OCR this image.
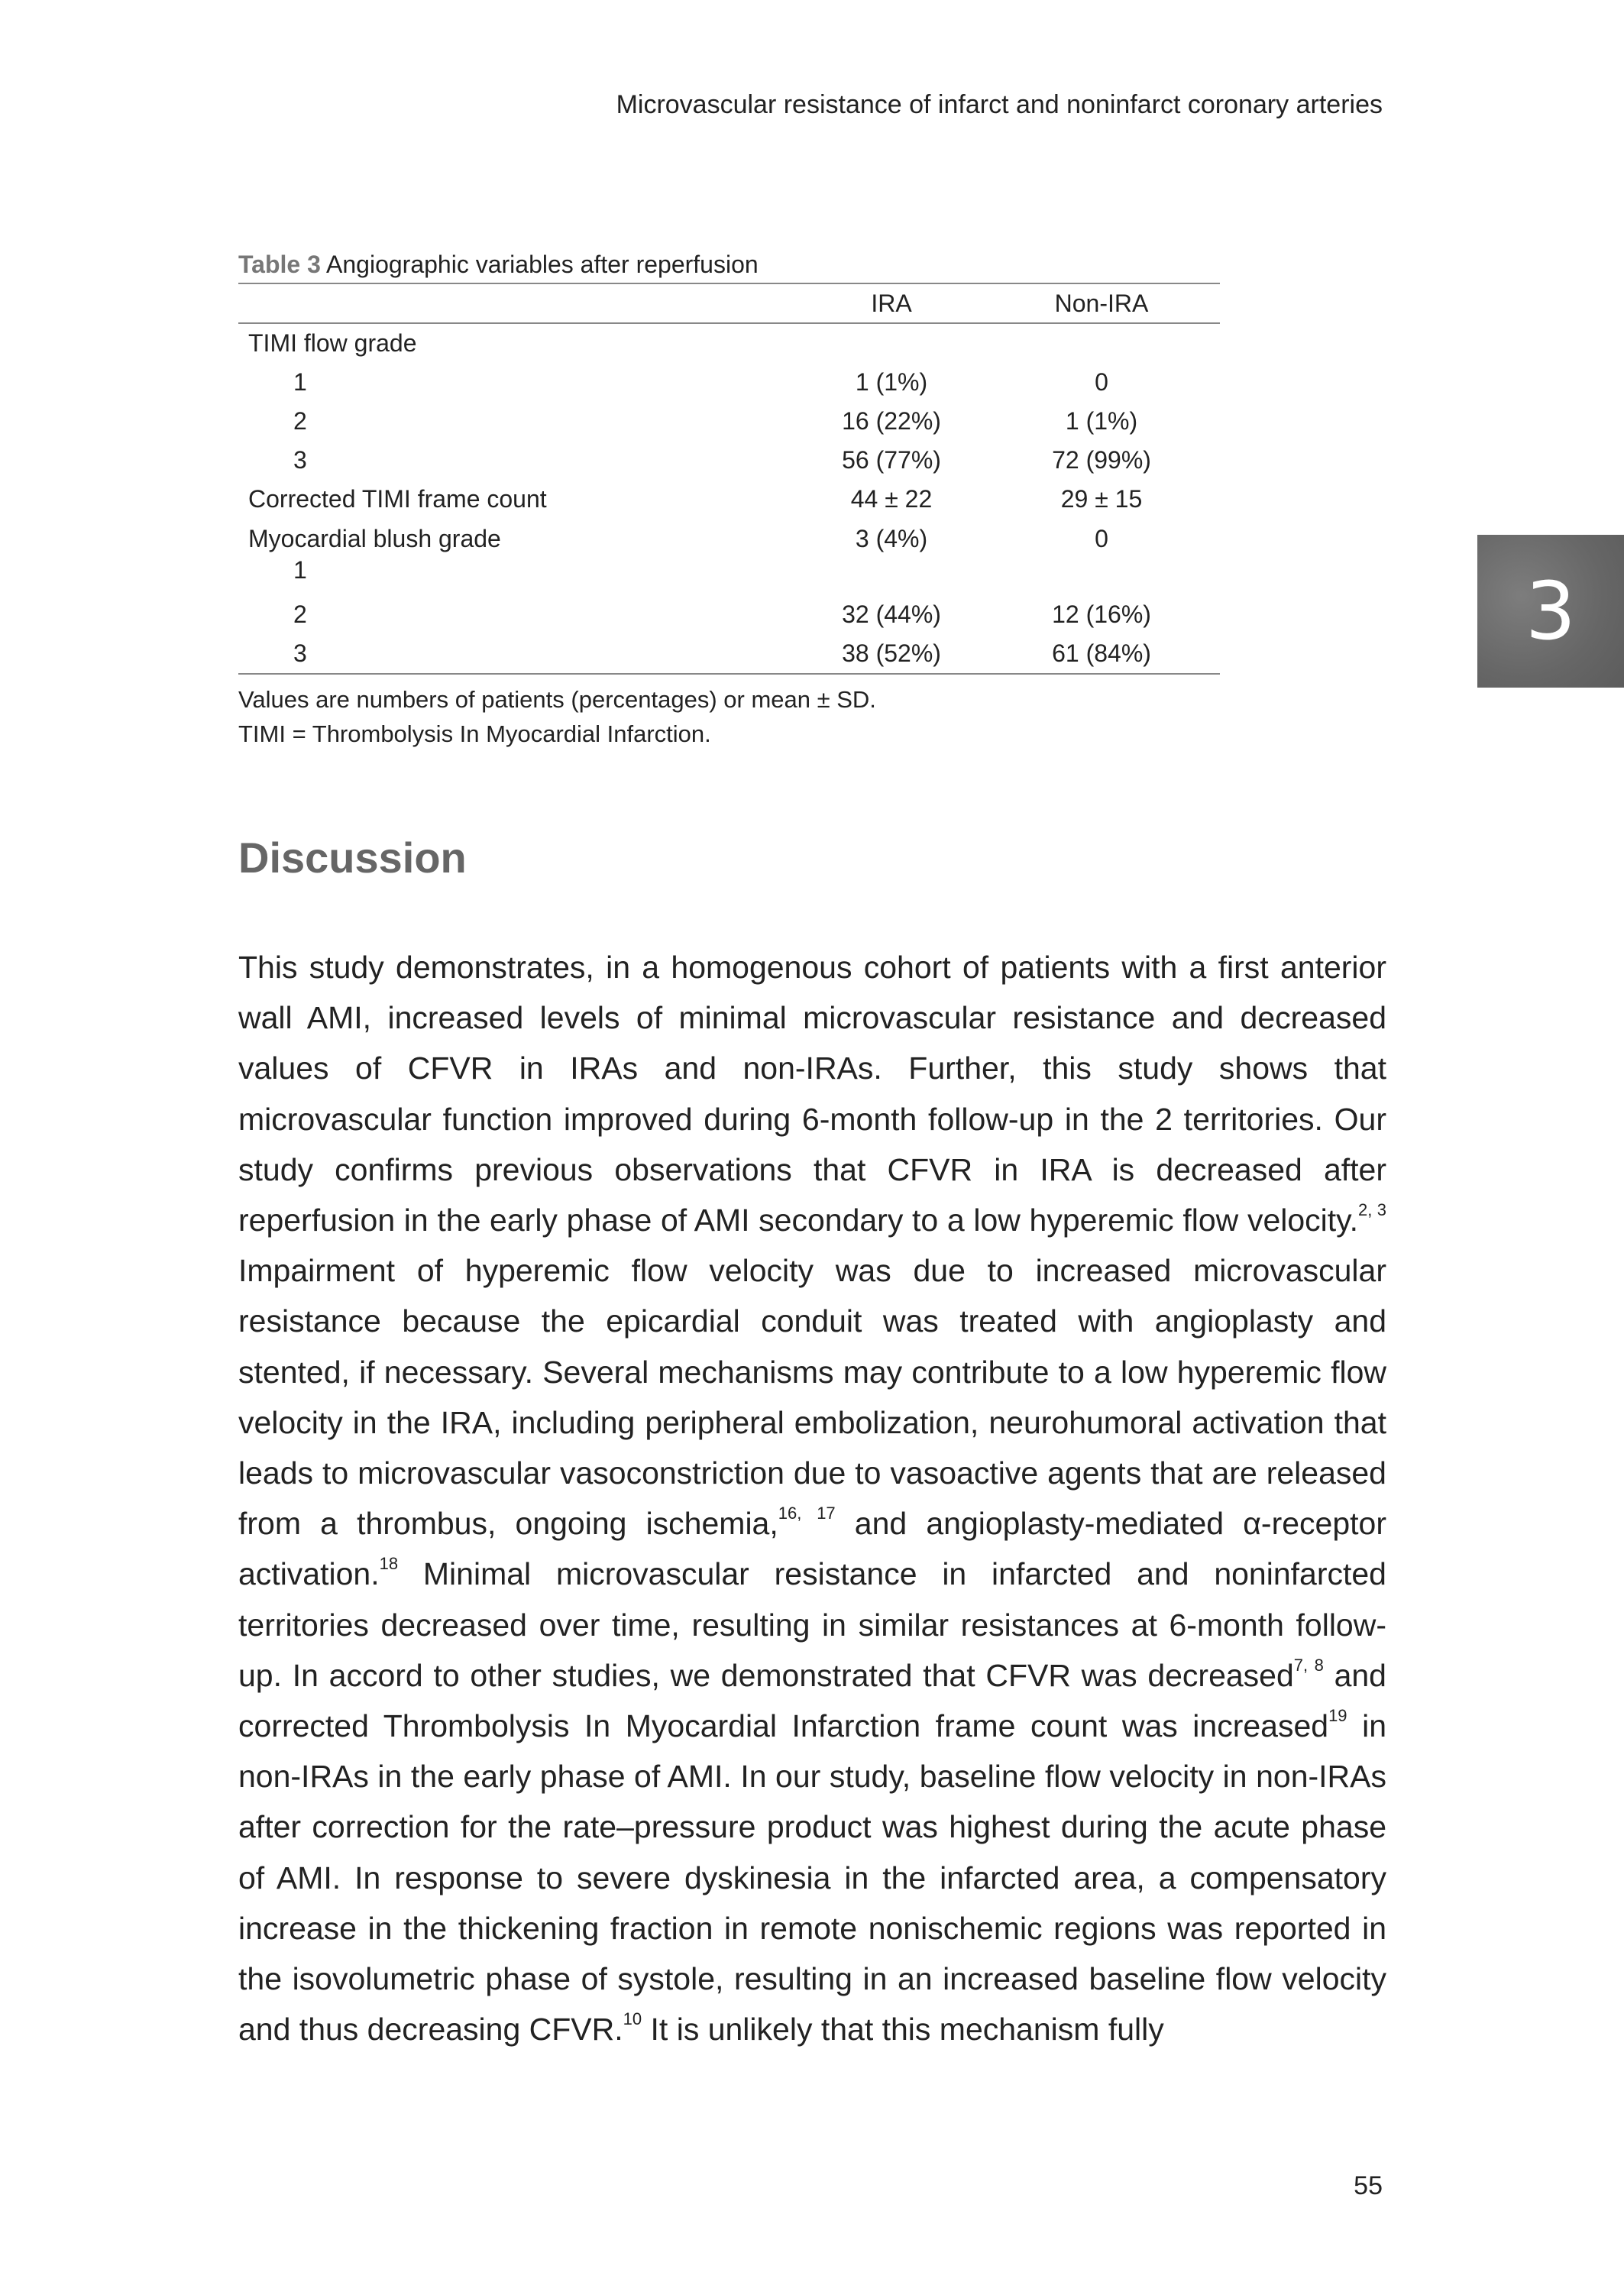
Microvascular resistance of infarct and noninfarct coronary arteries
Table 3 Angiographic variables after reperfusion
	IRA	Non-IRA
TIMI flow grade		
1	1 (1%)	0
2	16 (22%)	1 (1%)
3	56 (77%)	72 (99%)
Corrected TIMI frame count	44 ± 22	29 ± 15
Myocardial blush grade
1	3 (4%)	0
2	32 (44%)	12 (16%)
3	38 (52%)	61 (84%)
Values are numbers of patients (percentages) or mean ± SD.
TIMI = Thrombolysis In Myocardial Infarction.
3
Discussion

This study demonstrates, in a homogenous cohort of patients with a first anterior wall AMI, increased levels of minimal microvascular resistance and decreased values of CFVR in IRAs and non-IRAs. Further, this study shows that microvascular function improved during 6-month follow-up in the 2 territories. Our study confirms previous observations that CFVR in IRA is decreased after reperfusion in the early phase of AMI secondary to a low hyperemic flow velocity.$^{2, 3}$ Impairment of hyperemic flow velocity was due to increased microvascular resistance because the epicardial conduit was treated with angioplasty and stented, if necessary. Several mechanisms may contribute to a low hyperemic flow velocity in the IRA, including peripheral embolization, neurohumoral activation that leads to microvascular vasoconstriction due to vasoactive agents that are released from a thrombus, ongoing ischemia,$^{16, 17}$ and angioplasty-mediated α-receptor activation.$^{18}$ Minimal microvascular resistance in infarcted and noninfarcted territories decreased over time, resulting in similar resistances at 6-month follow-up. In accord to other studies, we demonstrated that CFVR was decreased$^{7, 8}$ and corrected Thrombolysis In Myocardial Infarction frame count was increased$^{19}$ in non-IRAs in the early phase of AMI. In our study, baseline flow velocity in non-IRAs after correction for the rate–pressure product was highest during the acute phase of AMI. In response to severe dyskinesia in the infarcted area, a compensatory increase in the thickening fraction in remote nonischemic regions was reported in the isovolumetric phase of systole, resulting in an increased baseline flow velocity and thus decreasing CFVR.$^{10}$ It is unlikely that this mechanism fully

55
